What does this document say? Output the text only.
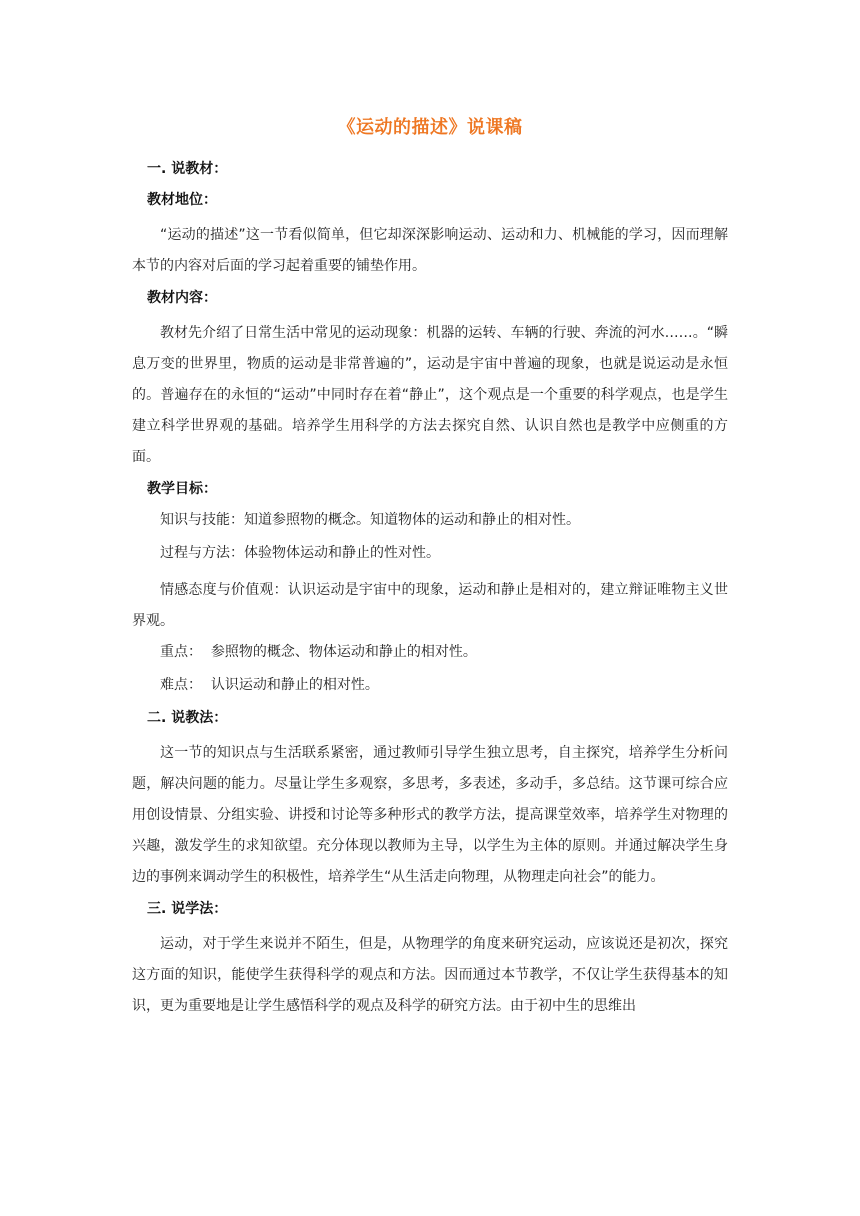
《运动的描述》说课稿
一. 说教材：
教材地位：
“运动的描述”这一节看似简单，但它却深深影响运动、运动和力、机械能的学习，因而理解本节的内容对后面的学习起着重要的铺垫作用。
教材内容：
教材先介绍了日常生活中常见的运动现象：机器的运转、车辆的行驶、奔流的河水……。“瞬息万变的世界里，物质的运动是非常普遍的”，运动是宇宙中普遍的现象，也就是说运动是永恒的。普遍存在的永恒的“运动”中同时存在着“静止”，这个观点是一个重要的科学观点，也是学生建立科学世界观的基础。培养学生用科学的方法去探究自然、认识自然也是教学中应侧重的方面。
教学目标：
知识与技能：知道参照物的概念。知道物体的运动和静止的相对性。
过程与方法：体验物体运动和静止的性对性。
情感态度与价值观：认识运动是宇宙中的现象，运动和静止是相对的，建立辩证唯物主义世界观。
重点：  参照物的概念、物体运动和静止的相对性。
难点：  认识运动和静止的相对性。
二. 说教法：
这一节的知识点与生活联系紧密，通过教师引导学生独立思考，自主探究，培养学生分析问题，解决问题的能力。尽量让学生多观察，多思考，多表述，多动手，多总结。这节课可综合应用创设情景、分组实验、讲授和讨论等多种形式的教学方法，提高课堂效率，培养学生对物理的兴趣，激发学生的求知欲望。充分体现以教师为主导，以学生为主体的原则。并通过解决学生身边的事例来调动学生的积极性，培养学生“从生活走向物理，从物理走向社会”的能力。
三. 说学法：
运动，对于学生来说并不陌生，但是，从物理学的角度来研究运动，应该说还是初次，探究这方面的知识，能使学生获得科学的观点和方法。因而通过本节教学，不仅让学生获得基本的知识，更为重要地是让学生感悟科学的观点及科学的研究方法。由于初中生的思维出
